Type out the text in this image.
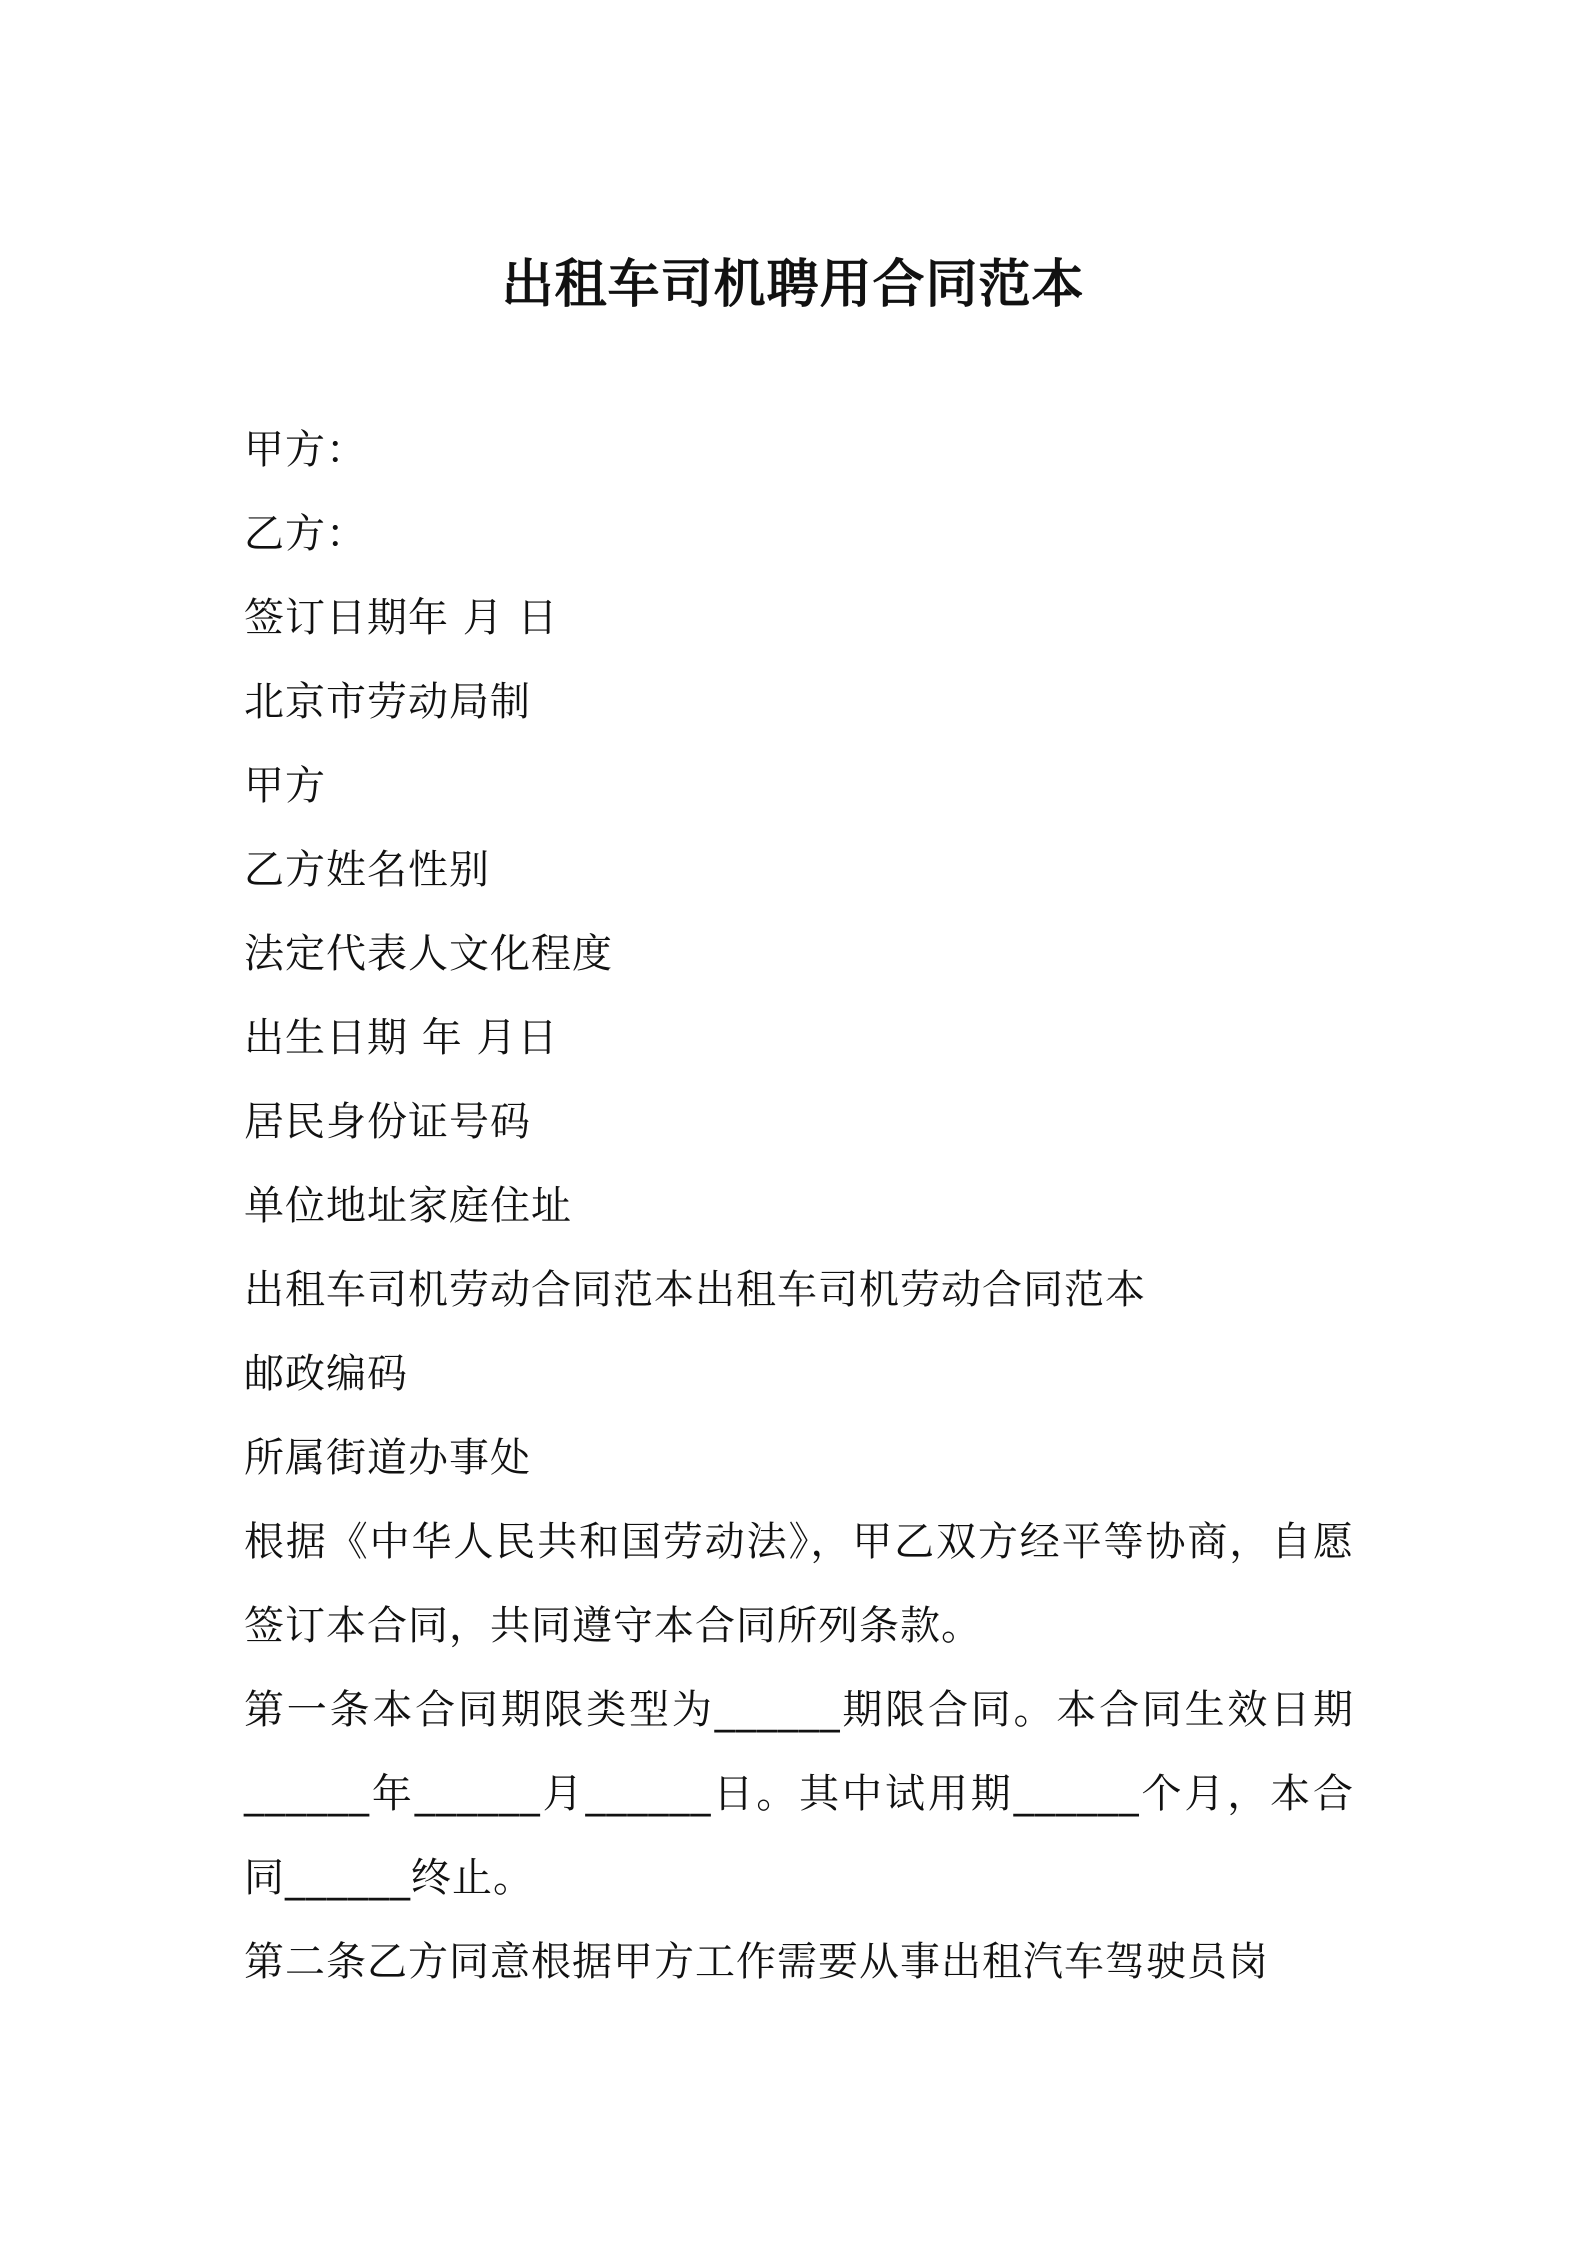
出租车司机聘用合同范本
甲方：
乙方：
签订日期年 月 日
北京市劳动局制
甲方
乙方姓名性别
法定代表人文化程度
出生日期 年 月日
居民身份证号码
单位地址家庭住址
出租车司机劳动合同范本出租车司机劳动合同范本
邮政编码
所属街道办事处
根据《中华人民共和国劳动法》，甲乙双方经平等协商，自愿签订本合同，共同遵守本合同所列条款。
第一条本合同期限类型为______期限合同。本合同生效日期______年______月______日。其中试用期______个月，本合同______终止。
第二条乙方同意根据甲方工作需要从事出租汽车驾驶员岗
